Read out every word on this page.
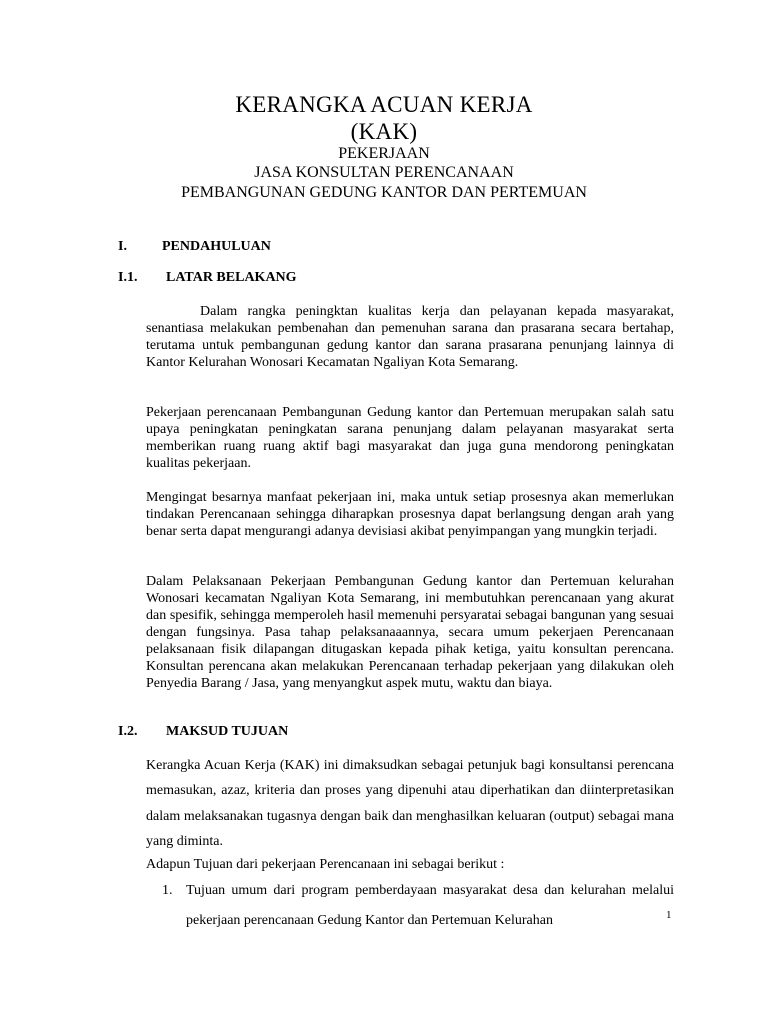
KERANGKA ACUAN KERJA
(KAK)
PEKERJAAN
JASA KONSULTAN PERENCANAAN
PEMBANGUNAN GEDUNG KANTOR DAN PERTEMUAN
I.	PENDAHULUAN
I.1. LATAR BELAKANG

Dalam rangka peningktan kualitas kerja dan pelayanan kepada masyarakat, senantiasa melakukan pembenahan dan pemenuhan sarana dan prasarana secara bertahap, terutama untuk pembangunan gedung kantor dan sarana prasarana penunjang lainnya di Kantor Kelurahan Wonosari Kecamatan Ngaliyan Kota Semarang.

Pekerjaan perencanaan Pembangunan Gedung kantor dan Pertemuan merupakan salah satu upaya peningkatan peningkatan sarana penunjang dalam pelayanan masyarakat serta memberikan ruang ruang aktif bagi masyarakat dan juga guna mendorong peningkatan kualitas pekerjaan.

Mengingat besarnya manfaat pekerjaan ini, maka untuk setiap prosesnya akan memerlukan tindakan Perencanaan sehingga diharapkan prosesnya dapat berlangsung dengan arah yang benar serta dapat mengurangi adanya devisiasi akibat penyimpangan yang mungkin terjadi.

Dalam Pelaksanaan Pekerjaan Pembangunan Gedung kantor dan Pertemuan kelurahan Wonosari kecamatan Ngaliyan Kota Semarang, ini membutuhkan perencanaan yang akurat dan spesifik, sehingga memperoleh hasil memenuhi persyaratai sebagai bangunan yang sesuai dengan fungsinya. Pasa tahap pelaksanaaannya, secara umum pekerjaen Perencanaan pelaksanaan fisik dilapangan ditugaskan kepada pihak ketiga, yaitu konsultan perencana. Konsultan perencana akan melakukan Perencanaan terhadap pekerjaan yang dilakukan oleh Penyedia Barang / Jasa, yang menyangkut aspek mutu, waktu dan biaya.

I.2. MAKSUD TUJUAN

Kerangka Acuan Kerja (KAK) ini dimaksudkan sebagai petunjuk bagi konsultansi perencana memasukan, azaz, kriteria dan proses yang dipenuhi atau diperhatikan dan diinterpretasikan dalam melaksanakan tugasnya dengan baik dan menghasilkan keluaran (output) sebagai mana yang diminta.

Adapun Tujuan dari pekerjaan Perencanaan ini sebagai berikut :

1. Tujuan umum dari program pemberdayaan masyarakat desa dan kelurahan melalui pekerjaan perencanaan Gedung Kantor dan Pertemuan Kelurahan	1
